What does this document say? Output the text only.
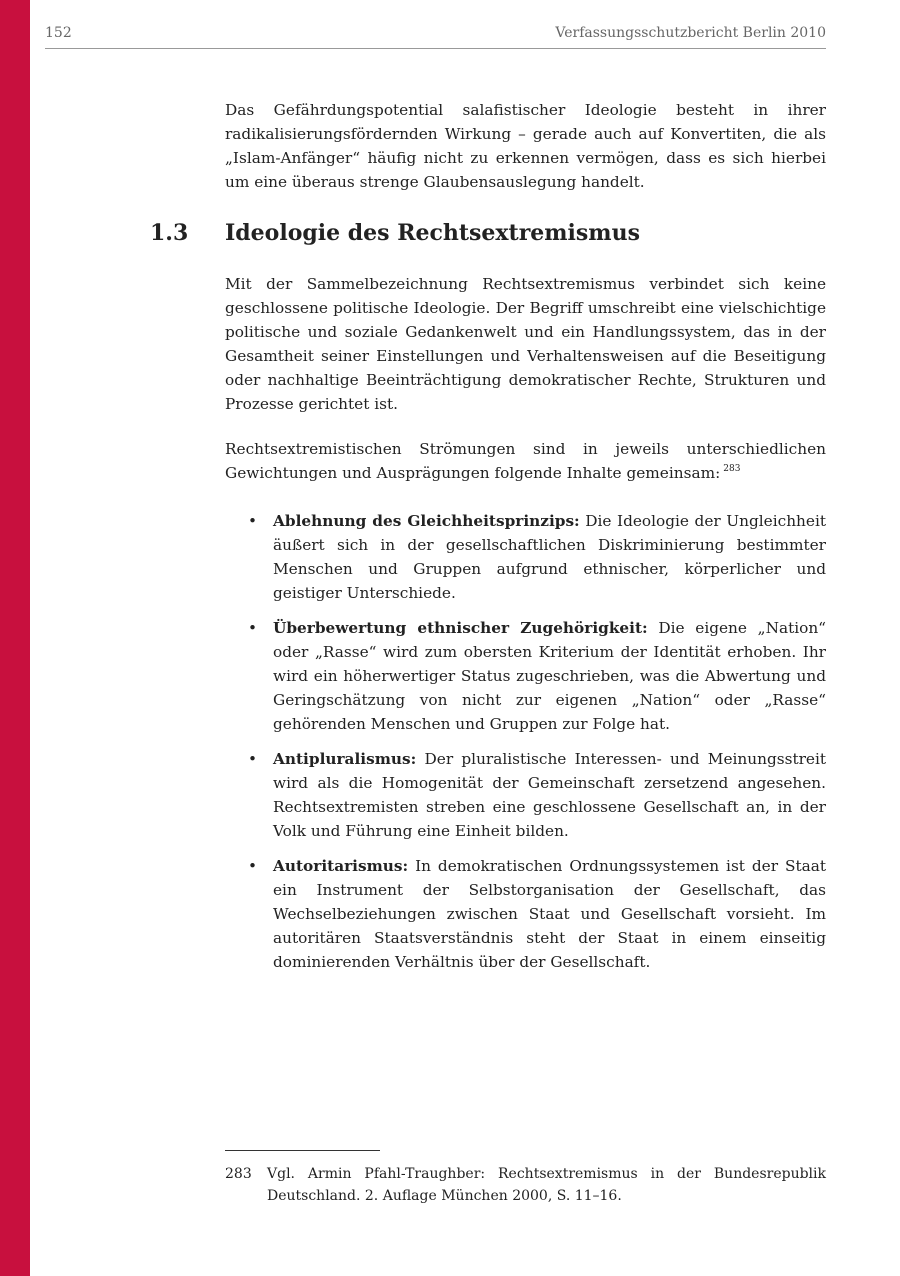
152	Verfassungsschutzbericht Berlin 2010

Das Gefährdungspotential salafistischer Ideologie besteht in ihrer radikalisierungsfördernden Wirkung – gerade auch auf Konvertiten, die als „Islam-Anfänger“ häufig nicht zu erkennen vermögen, dass es sich hierbei um eine überaus strenge Glaubensauslegung handelt.

1.3 Ideologie des Rechtsextremismus

Mit der Sammelbezeichnung Rechtsextremismus verbindet sich keine geschlossene politische Ideologie. Der Begriff umschreibt eine vielschichtige politische und soziale Gedankenwelt und ein Handlungssystem, das in der Gesamtheit seiner Einstellungen und Verhaltensweisen auf die Beseitigung oder nachhaltige Beeinträchtigung demokratischer Rechte, Strukturen und Prozesse gerichtet ist.

Rechtsextremistischen Strömungen sind in jeweils unterschiedlichen Gewichtungen und Ausprägungen folgende Inhalte gemeinsam: $^{283}$

• Ablehnung des Gleichheitsprinzips: Die Ideologie der Ungleichheit äußert sich in der gesellschaftlichen Diskriminierung bestimmter Menschen und Gruppen aufgrund ethnischer, körperlicher und geistiger Unterschiede.
• Überbewertung ethnischer Zugehörigkeit: Die eigene „Nation“ oder „Rasse“ wird zum obersten Kriterium der Identität erhoben. Ihr wird ein höherwertiger Status zugeschrieben, was die Abwertung und Geringschätzung von nicht zur eigenen „Nation“ oder „Rasse“ gehörenden Menschen und Gruppen zur Folge hat.
• Antipluralismus: Der pluralistische Interessen- und Meinungsstreit wird als die Homogenität der Gemeinschaft zersetzend angesehen. Rechtsextremisten streben eine geschlossene Gesellschaft an, in der Volk und Führung eine Einheit bilden.
• Autoritarismus: In demokratischen Ordnungssystemen ist der Staat ein Instrument der Selbstorganisation der Gesellschaft, das Wechselbeziehungen zwischen Staat und Gesellschaft vorsieht. Im autoritären Staatsverständnis steht der Staat in einem einseitig dominierenden Verhältnis über der Gesellschaft.
283 Vgl. Armin Pfahl-Traughber: Rechtsextremismus in der Bundesrepublik Deutschland. 2. Auflage München 2000, S. 11–16.
